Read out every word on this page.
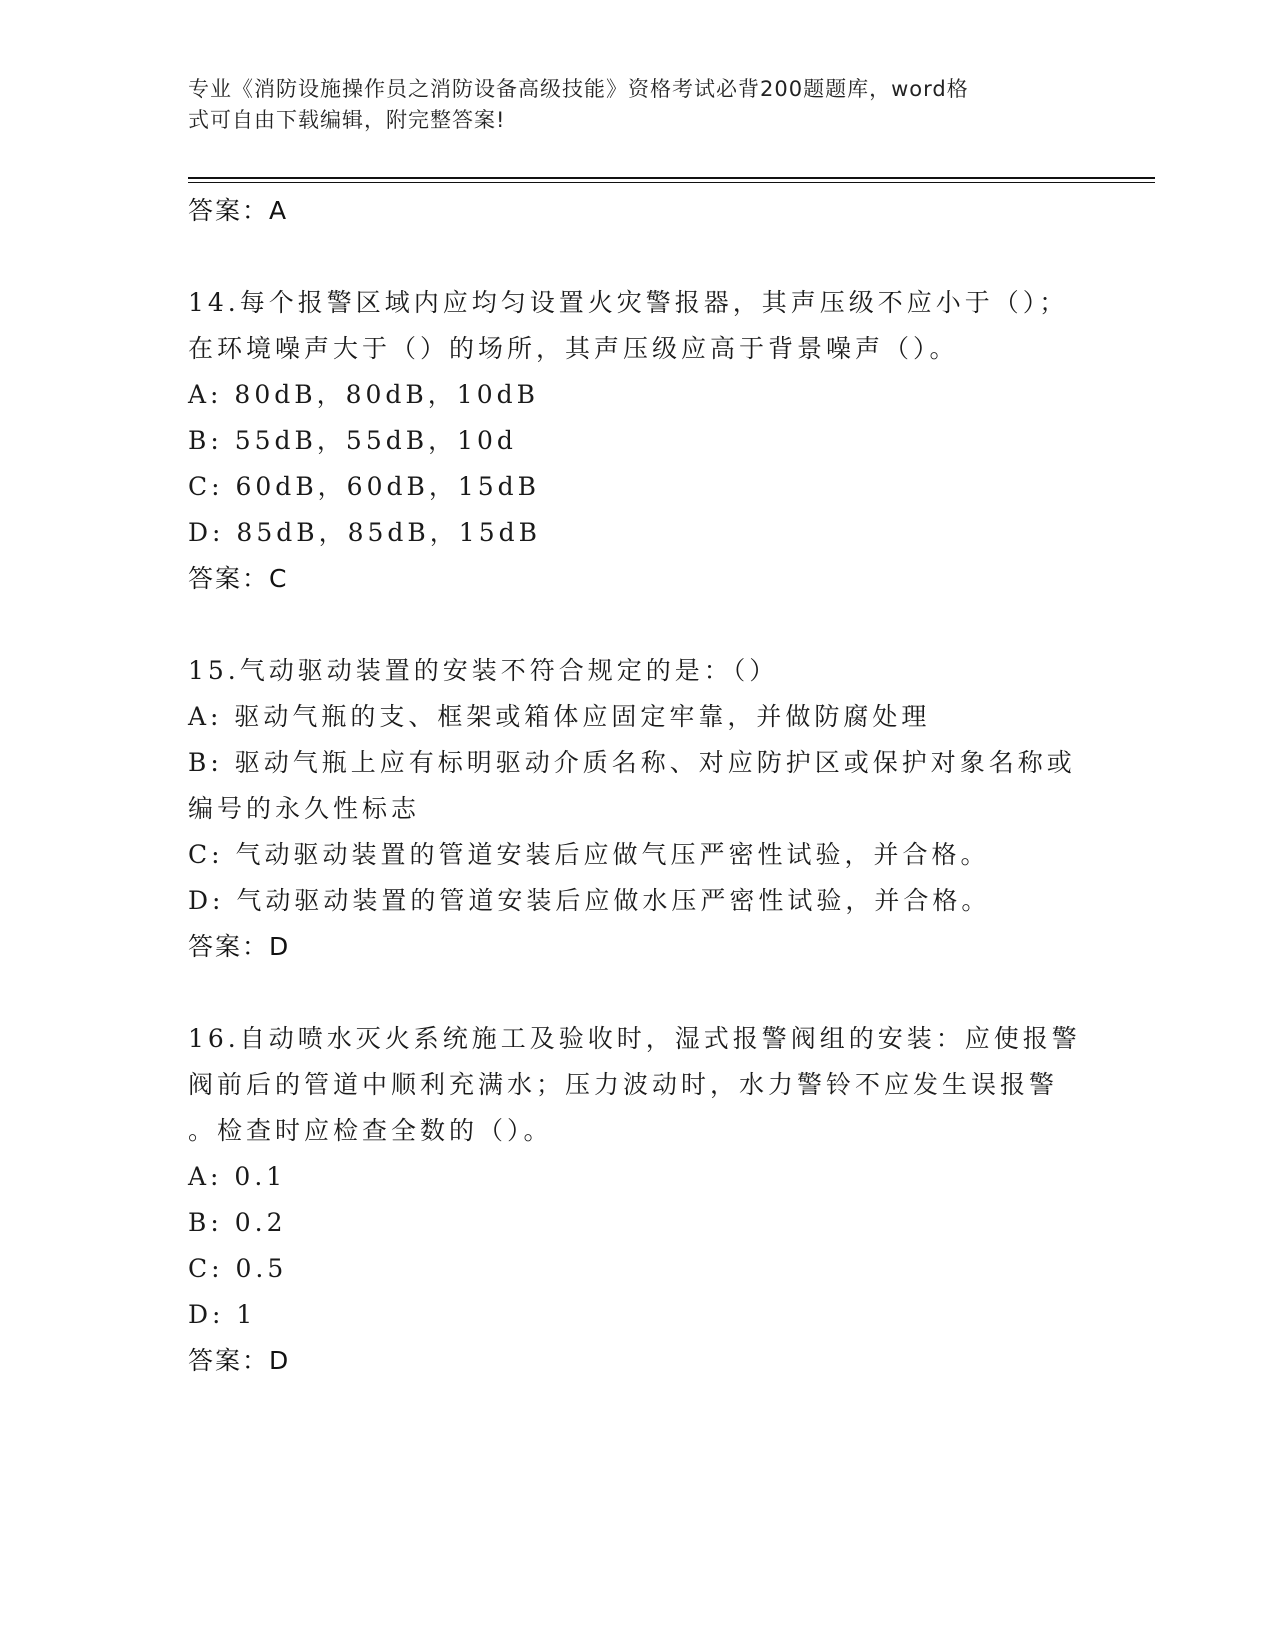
专业《消防设施操作员之消防设备高级技能》资格考试必背200题题库，word格
式可自由下载编辑，附完整答案!
答案：A
14.每个报警区域内应均匀设置火灾警报器，其声压级不应小于（）；
在环境噪声大于（）的场所，其声压级应高于背景噪声（）。
A: 80dB，80dB，10dB
B: 55dB，55dB，10d
C: 60dB，60dB，15dB
D: 85dB，85dB，15dB
答案：C
15.气动驱动装置的安装不符合规定的是：（）
A: 驱动气瓶的支、框架或箱体应固定牢靠，并做防腐处理
B: 驱动气瓶上应有标明驱动介质名称、对应防护区或保护对象名称或
编号的永久性标志
C: 气动驱动装置的管道安装后应做气压严密性试验，并合格。
D: 气动驱动装置的管道安装后应做水压严密性试验，并合格。
答案：D
16.自动喷水灭火系统施工及验收时，湿式报警阀组的安装：应使报警
阀前后的管道中顺利充满水；压力波动时，水力警铃不应发生误报警
。检查时应检查全数的（）。
A: 0.1
B: 0.2
C: 0.5
D: 1
答案：D
